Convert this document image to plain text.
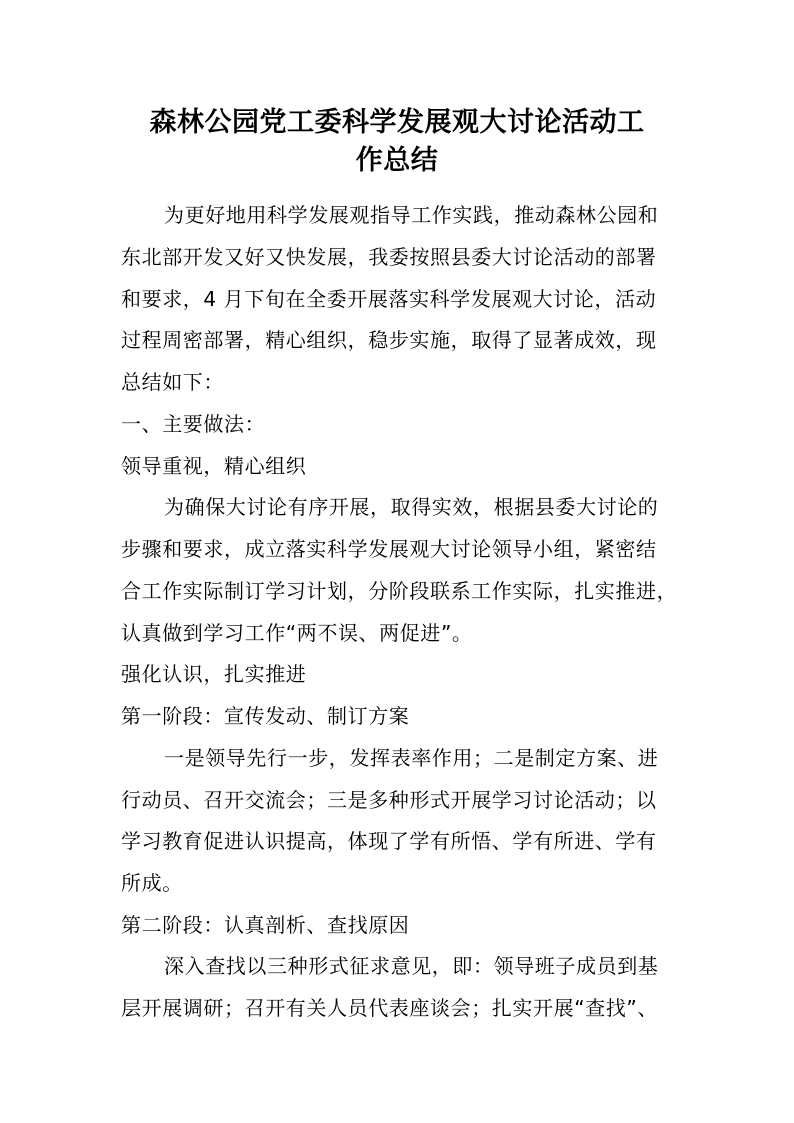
森林公园党工委科学发展观大讨论活动工
作总结

为更好地用科学发展观指导工作实践，推动森林公园和

东北部开发又好又快发展，我委按照县委大讨论活动的部署

和要求，4 月下旬在全委开展落实科学发展观大讨论，活动

过程周密部署，精心组织，稳步实施，取得了显著成效，现

总结如下：

一、主要做法：

领导重视，精心组织

为确保大讨论有序开展，取得实效，根据县委大讨论的

步骤和要求，成立落实科学发展观大讨论领导小组，紧密结

合工作实际制订学习计划，分阶段联系工作实际，扎实推进，

认真做到学习工作“两不误、两促进”。

强化认识，扎实推进

第一阶段：宣传发动、制订方案

一是领导先行一步，发挥表率作用；二是制定方案、进

行动员、召开交流会；三是多种形式开展学习讨论活动；以

学习教育促进认识提高，体现了学有所悟、学有所进、学有

所成。

第二阶段：认真剖析、查找原因

深入查找以三种形式征求意见，即：领导班子成员到基

层开展调研；召开有关人员代表座谈会；扎实开展“查找”、
